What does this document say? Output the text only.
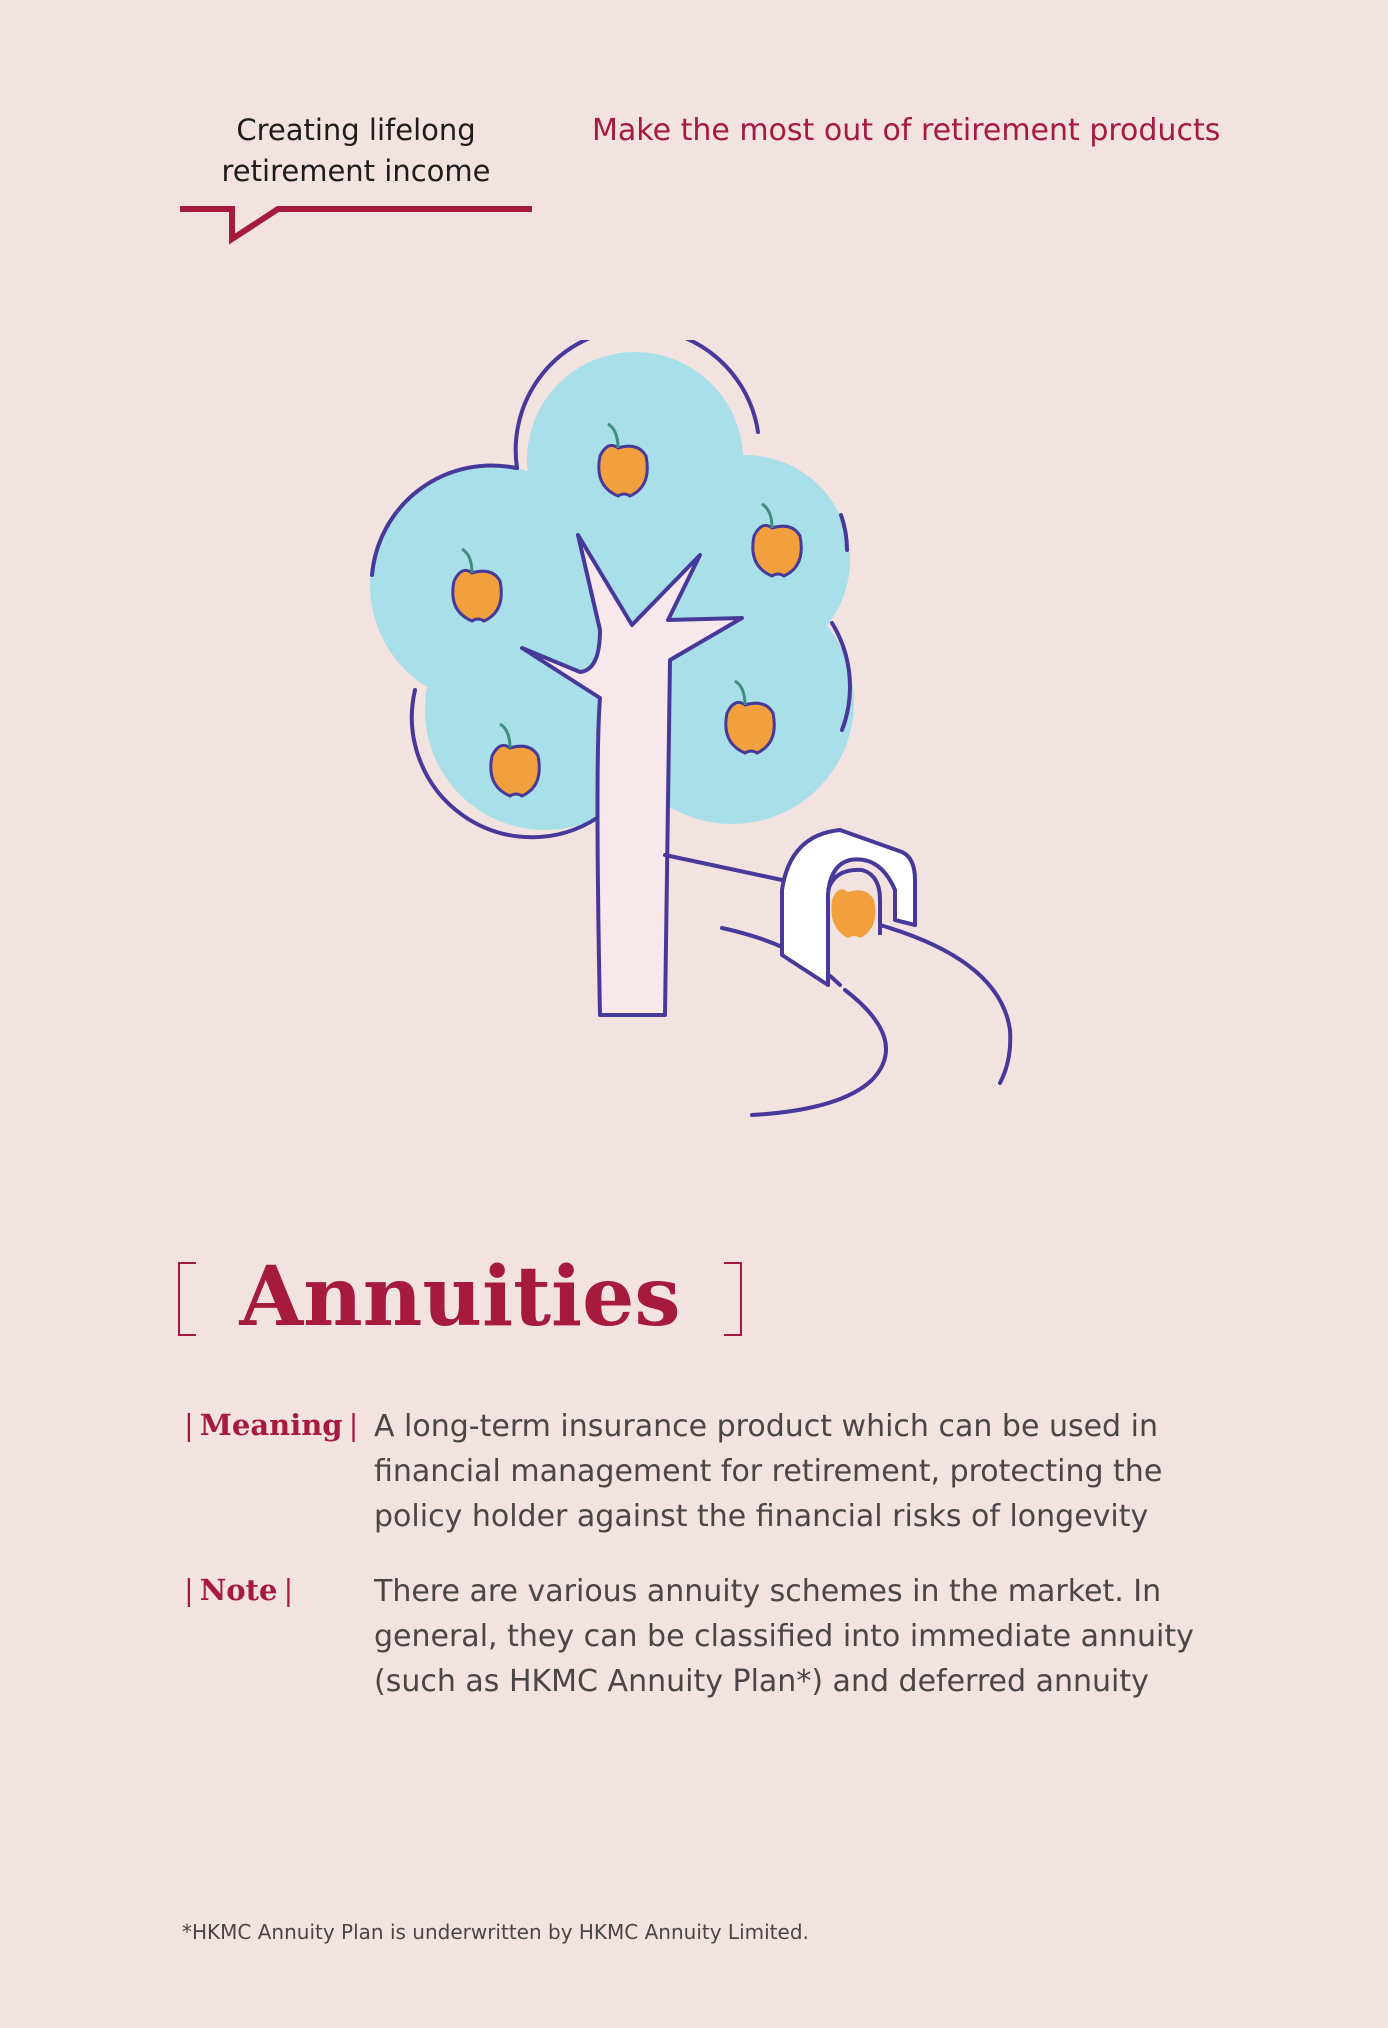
Creating lifelong
retirement income
Make the most out of retirement products
Annuities
| Meaning | A long-term insurance product which can be used in financial management for retirement, protecting the policy holder against the financial risks of longevity
| Note |	There are various annuity schemes in the market. In general, they can be classified into immediate annuity (such as HKMC Annuity Plan*) and deferred annuity
*HKMC Annuity Plan is underwritten by HKMC Annuity Limited.
